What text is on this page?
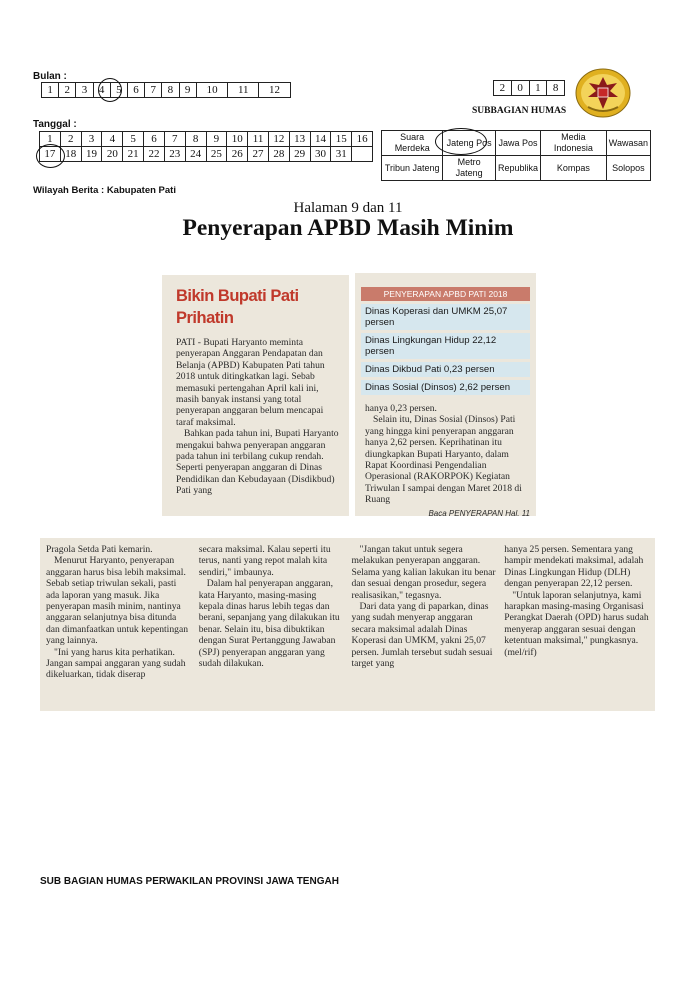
Bulan :
1	2	3	4	5	6	7	8	9	10	11	12
Tanggal :
1	2	3	4	5	6	7	8	9	10	11	12	13	14	15	16
17	18	19	20	21	22	23	24	25	26	27	28	29	30	31	
Wilayah Berita : Kabupaten Pati
2	0	1	8
SUBBAGIAN HUMAS
Suara Merdeka	Jateng Pos	Jawa Pos	Media Indonesia	Wawasan
Tribun Jateng	Metro Jateng	Republika	Kompas	Solopos
Halaman 9 dan 11
Penyerapan APBD Masih Minim
Bikin Bupati Pati Prihatin

PATI - Bupati Haryanto meminta penyerapan Anggaran Pendapatan dan Belanja (APBD) Kabupaten Pati tahun 2018 untuk ditingkatkan lagi. Sebab memasuki pertengahan April kali ini, masih banyak instansi yang total penyerapan anggaran belum mencapai taraf maksimal.

Bahkan pada tahun ini, Bupati Haryanto mengakui bahwa penyerapan anggaran pada tahun ini terbilang cukup rendah. Seperti penyerapan anggaran di Dinas Pendidikan dan Kebudayaan (Disdikbud) Pati yang

PENYERAPAN APBD PATI 2018
Dinas Koperasi dan UMKM 25,07 persen
Dinas Lingkungan Hidup 22,12 persen
Dinas Dikbud Pati 0,23 persen
Dinas Sosial (Dinsos) 2,62 persen

hanya 0,23 persen.

Selain itu, Dinas Sosial (Dinsos) Pati yang hingga kini penyerapan anggaran hanya 2,62 persen. Keprihatinan itu diungkapkan Bupati Haryanto, dalam Rapat Koordinasi Pengendalian Operasional (RAKORPOK) Kegiatan Triwulan I sampai dengan Maret 2018 di Ruang

Baca PENYERAPAN Hal. 11

Pragola Setda Pati kemarin.

Menurut Haryanto, penyerapan anggaran harus bisa lebih maksimal. Sebab setiap triwulan sekali, pasti ada laporan yang masuk. Jika penyerapan masih minim, nantinya anggaran selanjutnya bisa ditunda dan dimanfaatkan untuk kepentingan yang lainnya.

"Ini yang harus kita perhatikan. Jangan sampai anggaran yang sudah dikeluarkan, tidak diserap

secara maksimal. Kalau seperti itu terus, nanti yang repot malah kita sendiri," imbaunya.

Dalam hal penyerapan anggaran, kata Haryanto, masing-masing kepala dinas harus lebih tegas dan berani, sepanjang yang dilakukan itu benar. Selain itu, bisa dibuktikan dengan Surat Pertanggung Jawaban (SPJ) penyerapan anggaran yang sudah dilakukan.

"Jangan takut untuk segera melakukan penyerapan anggaran. Selama yang kalian lakukan itu benar dan sesuai dengan prosedur, segera realisasikan," tegasnya.

Dari data yang di paparkan, dinas yang sudah menyerap anggaran secara maksimal adalah Dinas Koperasi dan UMKM, yakni 25,07 persen. Jumlah tersebut sudah sesuai target yang

hanya 25 persen. Sementara yang hampir mendekati maksimal, adalah Dinas Lingkungan Hidup (DLH) dengan penyerapan 22,12 persen.

"Untuk laporan selanjutnya, kami harapkan masing-masing Organisasi Perangkat Daerah (OPD) harus sudah menyerap anggaran sesuai dengan ketentuan maksimal," pungkasnya. (mel/rif)

SUB BAGIAN HUMAS PERWAKILAN PROVINSI JAWA TENGAH
